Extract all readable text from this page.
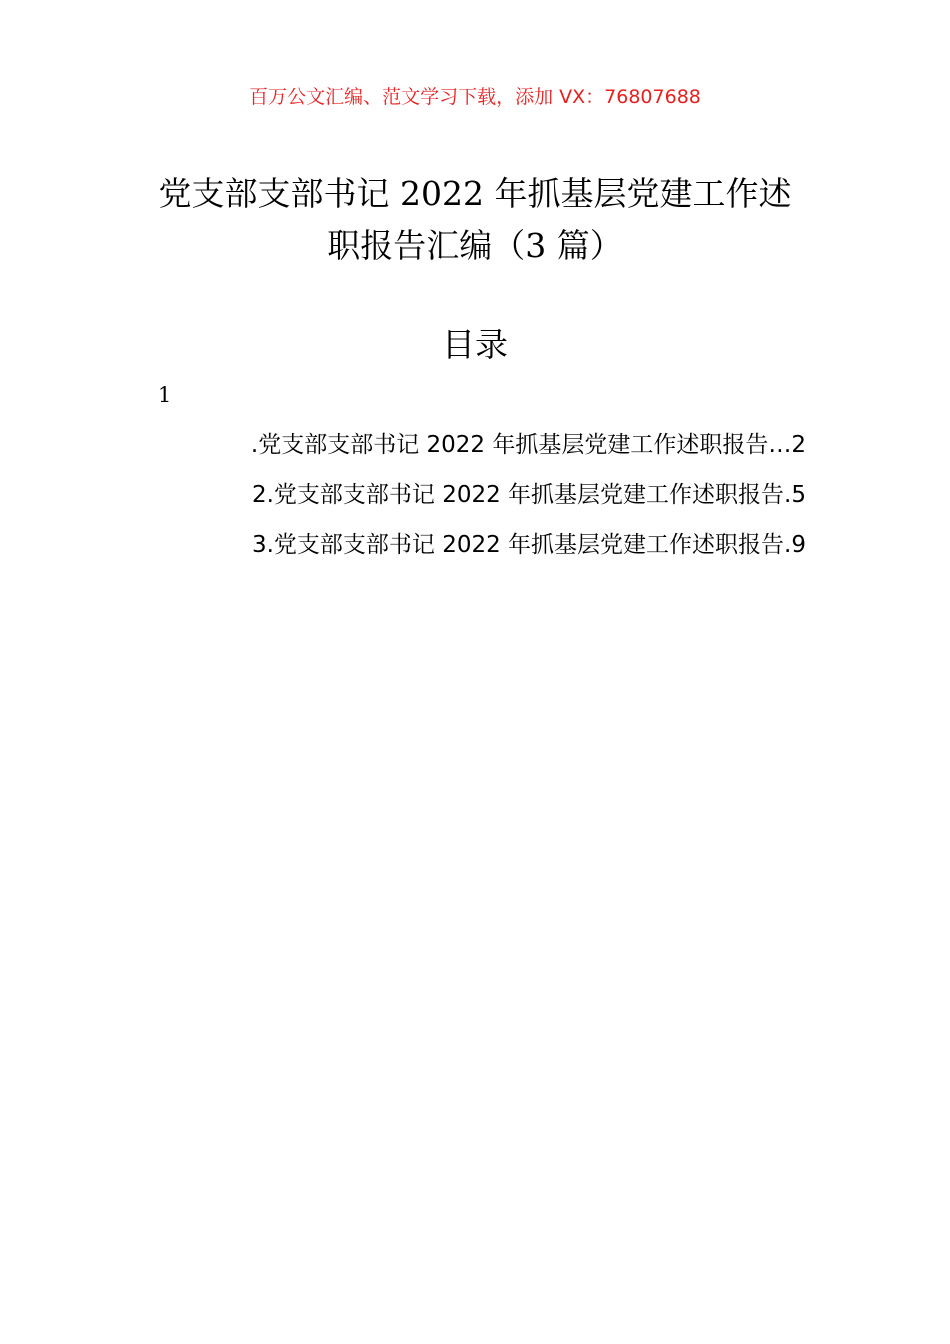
百万公文汇编、范文学习下载，添加 VX：76807688
党支部支部书记 2022 年抓基层党建工作述
职报告汇编（3 篇）
目录
1
.党支部支部书记 2022 年抓基层党建工作述职报告…2
2.党支部支部书记 2022 年抓基层党建工作述职报告.5
3.党支部支部书记 2022 年抓基层党建工作述职报告.9
